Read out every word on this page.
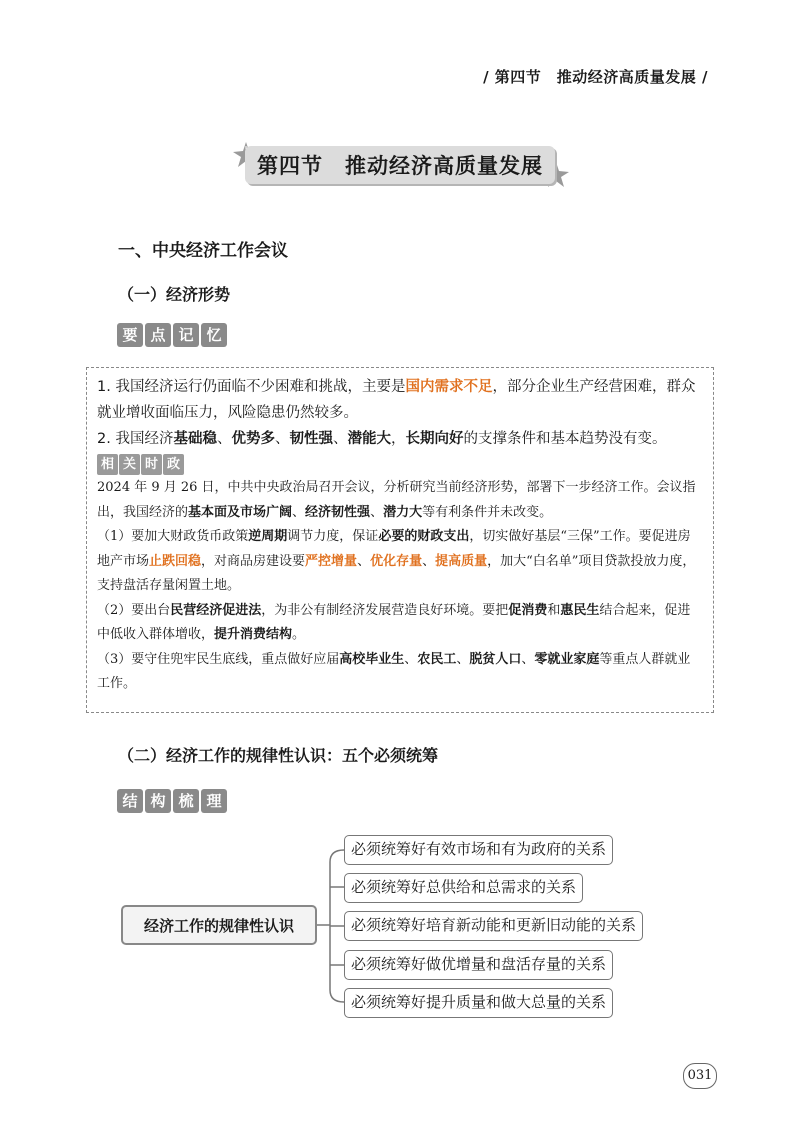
/ 第四节　推动经济高质量发展 /
第四节　推动经济高质量发展
一、中央经济工作会议
（一）经济形势
要 点 记 忆

1. 我国经济运行仍面临不少困难和挑战，主要是国内需求不足，部分企业生产经营困难，群众就业增收面临压力，风险隐患仍然较多。

2. 我国经济基础稳、优势多、韧性强、潜能大，长期向好的支撑条件和基本趋势没有变。

相 关 时 政

2024 年 9 月 26 日，中共中央政治局召开会议，分析研究当前经济形势，部署下一步经济工作。会议指出，我国经济的基本面及市场广阔、经济韧性强、潜力大等有利条件并未改变。

（1）要加大财政货币政策逆周期调节力度，保证必要的财政支出，切实做好基层“三保”工作。要促进房地产市场止跌回稳，对商品房建设要严控增量、优化存量、提高质量，加大“白名单”项目贷款投放力度，支持盘活存量闲置土地。

（2）要出台民营经济促进法，为非公有制经济发展营造良好环境。要把促消费和惠民生结合起来，促进中低收入群体增收，提升消费结构。

（3）要守住兜牢民生底线，重点做好应届高校毕业生、农民工、脱贫人口、零就业家庭等重点人群就业工作。

（二）经济工作的规律性认识：五个必须统筹
结 构 梳 理
经济工作的规律性认识
必须统筹好有效市场和有为政府的关系
必须统筹好总供给和总需求的关系
必须统筹好培育新动能和更新旧动能的关系
必须统筹好做优增量和盘活存量的关系
必须统筹好提升质量和做大总量的关系
031
